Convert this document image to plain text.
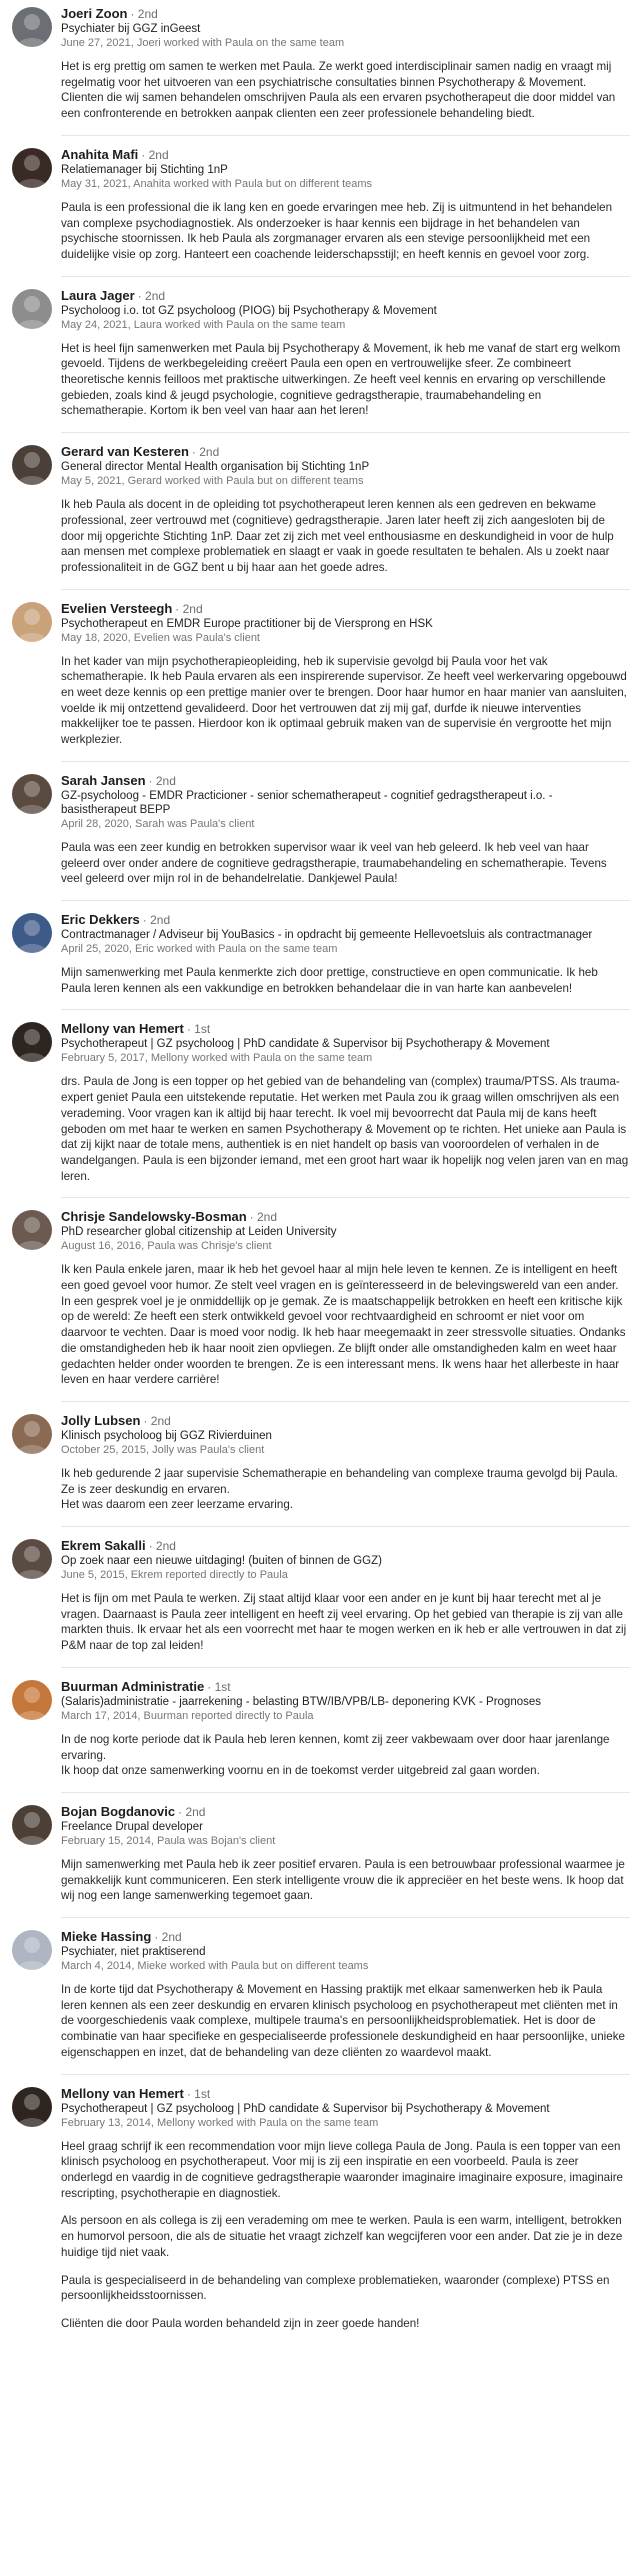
Joeri Zoon · 2nd
Psychiater bij GGZ inGeest
June 27, 2021, Joeri worked with Paula on the same team

Het is erg prettig om samen te werken met Paula. Ze werkt goed interdisciplinair samen nadig en vraagt mij regelmatig voor het uitvoeren van een psychiatrische consultaties binnen Psychotherapy & Movement. Clienten die wij samen behandelen omschrijven Paula als een ervaren psychotherapeut die door middel van een confronterende en betrokken aanpak clienten een zeer professionele behandeling biedt.

Anahita Mafi · 2nd
Relatiemanager bij Stichting 1nP
May 31, 2021, Anahita worked with Paula but on different teams

Paula is een professional die ik lang ken en goede ervaringen mee heb. Zij is uitmuntend in het behandelen van complexe psychodiagnostiek. Als onderzoeker is haar kennis een bijdrage in het behandelen van psychische stoornissen. Ik heb Paula als zorgmanager ervaren als een stevige persoonlijkheid met een duidelijke visie op zorg. Hanteert een coachende leiderschapsstijl; en heeft kennis en gevoel voor zorg.

Laura Jager · 2nd
Psycholoog i.o. tot GZ psycholoog (PIOG) bij Psychotherapy & Movement
May 24, 2021, Laura worked with Paula on the same team

Het is heel fijn samenwerken met Paula bij Psychotherapy & Movement, ik heb me vanaf de start erg welkom gevoeld. Tijdens de werkbegeleiding creëert Paula een open en vertrouwelijke sfeer. Ze combineert theoretische kennis feilloos met praktische uitwerkingen. Ze heeft veel kennis en ervaring op verschillende gebieden, zoals kind & jeugd psychologie, cognitieve gedragstherapie, traumabehandeling en schematherapie. Kortom ik ben veel van haar aan het leren!

Gerard van Kesteren · 2nd
General director Mental Health organisation bij Stichting 1nP
May 5, 2021, Gerard worked with Paula but on different teams

Ik heb Paula als docent in de opleiding tot psychotherapeut leren kennen als een gedreven en bekwame professional, zeer vertrouwd met (cognitieve) gedragstherapie. Jaren later heeft zij zich aangesloten bij de door mij opgerichte Stichting 1nP. Daar zet zij zich met veel enthousiasme en deskundigheid in voor de hulp aan mensen met complexe problematiek en slaagt er vaak in goede resultaten te behalen. Als u zoekt naar professionaliteit in de GGZ bent u bij haar aan het goede adres.

Evelien Versteegh · 2nd
Psychotherapeut en EMDR Europe practitioner bij de Viersprong en HSK
May 18, 2020, Evelien was Paula's client

In het kader van mijn psychotherapieopleiding, heb ik supervisie gevolgd bij Paula voor het vak schematherapie. Ik heb Paula ervaren als een inspirerende supervisor. Ze heeft veel werkervaring opgebouwd en weet deze kennis op een prettige manier over te brengen. Door haar humor en haar manier van aansluiten, voelde ik mij ontzettend gevalideerd. Door het vertrouwen dat zij mij gaf, durfde ik nieuwe interventies makkelijker toe te passen. Hierdoor kon ik optimaal gebruik maken van de supervisie én vergrootte het mijn werkplezier.

Sarah Jansen · 2nd
GZ-psycholoog - EMDR Practicioner - senior schematherapeut - cognitief gedragstherapeut i.o. - basistherapeut BEPP
April 28, 2020, Sarah was Paula's client

Paula was een zeer kundig en betrokken supervisor waar ik veel van heb geleerd. Ik heb veel van haar geleerd over onder andere de cognitieve gedragstherapie, traumabehandeling en schematherapie. Tevens veel geleerd over mijn rol in de behandelrelatie. Dankjewel Paula!

Eric Dekkers · 2nd
Contractmanager / Adviseur bij YouBasics - in opdracht bij gemeente Hellevoetsluis als contractmanager
April 25, 2020, Eric worked with Paula on the same team

Mijn samenwerking met Paula kenmerkte zich door prettige, constructieve en open communicatie. Ik heb Paula leren kennen als een vakkundige en betrokken behandelaar die in van harte kan aanbevelen!

Mellony van Hemert · 1st
Psychotherapeut | GZ psycholoog | PhD candidate & Supervisor bij Psychotherapy & Movement
February 5, 2017, Mellony worked with Paula on the same team

drs. Paula de Jong is een topper op het gebied van de behandeling van (complex) trauma/PTSS. Als trauma-expert geniet Paula een uitstekende reputatie. Het werken met Paula zou ik graag willen omschrijven als een verademing. Voor vragen kan ik altijd bij haar terecht. Ik voel mij bevoorrecht dat Paula mij de kans heeft geboden om met haar te werken en samen Psychotherapy & Movement op te richten. Het unieke aan Paula is dat zij kijkt naar de totale mens, authentiek is en niet handelt op basis van vooroordelen of verhalen in de wandelgangen. Paula is een bijzonder iemand, met een groot hart waar ik hopelijk nog velen jaren van en mag leren.

Chrisje Sandelowsky-Bosman · 2nd
PhD researcher global citizenship at Leiden University
August 16, 2016, Paula was Chrisje's client

Ik ken Paula enkele jaren, maar ik heb het gevoel haar al mijn hele leven te kennen. Ze is intelligent en heeft een goed gevoel voor humor. Ze stelt veel vragen en is geïnteresseerd in de belevingswereld van een ander. In een gesprek voel je je onmiddellijk op je gemak. Ze is maatschappelijk betrokken en heeft een kritische kijk op de wereld: Ze heeft een sterk ontwikkeld gevoel voor rechtvaardigheid en schroomt er niet voor om daarvoor te vechten. Daar is moed voor nodig. Ik heb haar meegemaakt in zeer stressvolle situaties. Ondanks die omstandigheden heb ik haar nooit zien opvliegen. Ze blijft onder alle omstandigheden kalm en weet haar gedachten helder onder woorden te brengen. Ze is een interessant mens. Ik wens haar het allerbeste in haar leven en haar verdere carrière!

Jolly Lubsen · 2nd
Klinisch psycholoog bij GGZ Rivierduinen
October 25, 2015, Jolly was Paula's client

Ik heb gedurende 2 jaar supervisie Schematherapie en behandeling van complexe trauma gevolgd bij Paula.
Ze is zeer deskundig en ervaren.
Het was daarom een zeer leerzame ervaring.

Ekrem Sakalli · 2nd
Op zoek naar een nieuwe uitdaging! (buiten of binnen de GGZ)
June 5, 2015, Ekrem reported directly to Paula

Het is fijn om met Paula te werken. Zij staat altijd klaar voor een ander en je kunt bij haar terecht met al je vragen. Daarnaast is Paula zeer intelligent en heeft zij veel ervaring. Op het gebied van therapie is zij van alle markten thuis. Ik ervaar het als een voorrecht met haar te mogen werken en ik heb er alle vertrouwen in dat zij P&M naar de top zal leiden!

Buurman Administratie · 1st
(Salaris)administratie - jaarrekening - belasting BTW/IB/VPB/LB- deponering KVK - Prognoses
March 17, 2014, Buurman reported directly to Paula

In de nog korte periode dat ik Paula heb leren kennen, komt zij zeer vakbewaam over door haar jarenlange ervaring.
Ik hoop dat onze samenwerking voornu en in de toekomst verder uitgebreid zal gaan worden.

Bojan Bogdanovic · 2nd
Freelance Drupal developer
February 15, 2014, Paula was Bojan's client

Mijn samenwerking met Paula heb ik zeer positief ervaren. Paula is een betrouwbaar professional waarmee je gemakkelijk kunt communiceren. Een sterk intelligente vrouw die ik appreciëer en het beste wens. Ik hoop dat wij nog een lange samenwerking tegemoet gaan.

Mieke Hassing · 2nd
Psychiater, niet praktiserend
March 4, 2014, Mieke worked with Paula but on different teams

In de korte tijd dat Psychotherapy & Movement en Hassing praktijk met elkaar samenwerken heb ik Paula leren kennen als een zeer deskundig en ervaren klinisch psycholoog en psychotherapeut met cliënten met in de voorgeschiedenis vaak complexe, multipele trauma's en persoonlijkheidsproblematiek. Het is door de combinatie van haar specifieke en gespecialiseerde professionele deskundigheid en haar persoonlijke, unieke eigenschappen en inzet, dat de behandeling van deze cliënten zo waardevol maakt.

Mellony van Hemert · 1st
Psychotherapeut | GZ psycholoog | PhD candidate & Supervisor bij Psychotherapy & Movement
February 13, 2014, Mellony worked with Paula on the same team

Heel graag schrijf ik een recommendation voor mijn lieve collega Paula de Jong. Paula is een topper van een klinisch psycholoog en psychotherapeut. Voor mij is zij een inspiratie en een voorbeeld. Paula is zeer onderlegd en vaardig in de cognitieve gedragstherapie waaronder imaginaire imaginaire exposure, imaginaire rescripting, psychotherapie en diagnostiek.

Als persoon en als collega is zij een verademing om mee te werken. Paula is een warm, intelligent, betrokken en humorvol persoon, die als de situatie het vraagt zichzelf kan wegcijferen voor een ander. Dat zie je in deze huidige tijd niet vaak.

Paula is gespecialiseerd in de behandeling van complexe problematieken, waaronder (complexe) PTSS en persoonlijkheidsstoornissen.

Cliënten die door Paula worden behandeld zijn in zeer goede handen!
